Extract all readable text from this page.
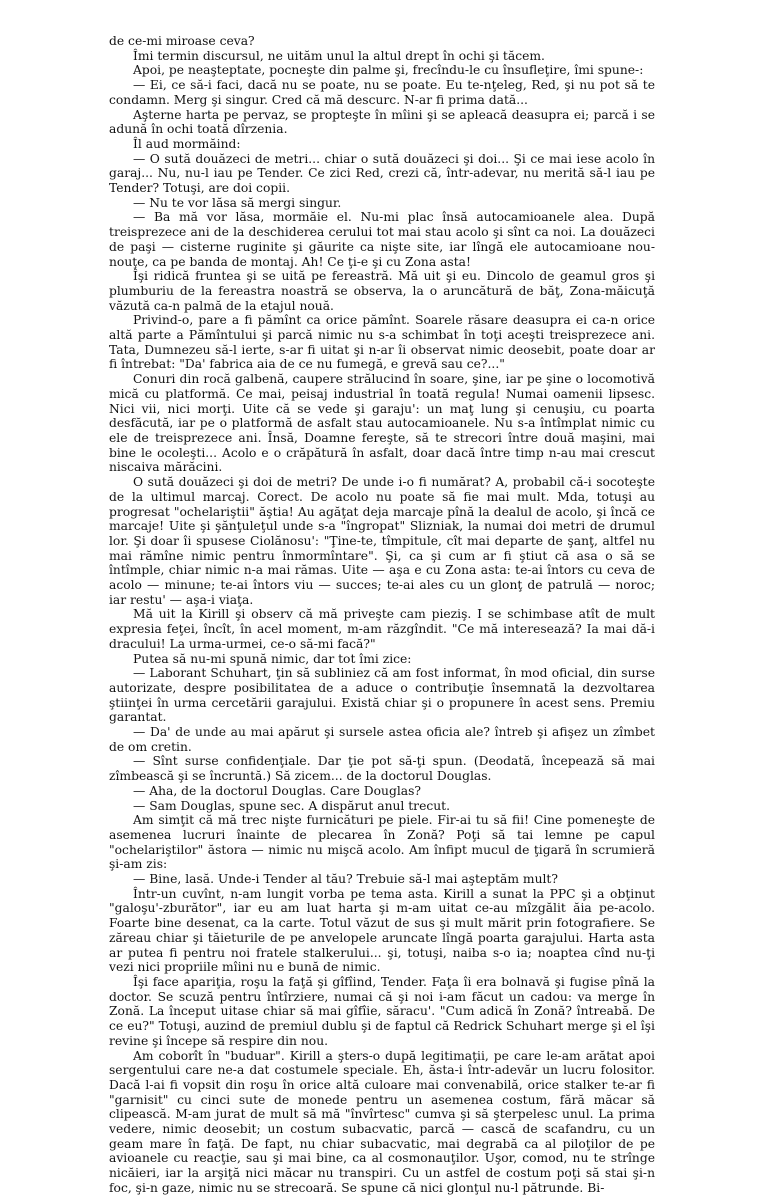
de ce-mi miroase ceva?

Îmi termin discursul, ne uităm unul la altul drept în ochi şi tăcem.

Apoi, pe neaşteptate, pocneşte din palme şi, frecîndu-le cu însufleţire, îmi spune-:

— Ei, ce să-i faci, dacă nu se poate, nu se poate. Eu te-nţeleg, Red, şi nu pot să te condamn. Merg şi singur. Cred că mă descurc. N-ar fi prima dată...

Aşterne harta pe pervaz, se propteşte în mîini şi se apleacă deasupra ei; parcă i se adună în ochi toată dîrzenia.

Îl aud mormăind:

— O sută douăzeci de metri... chiar o sută douăzeci şi doi... Şi ce mai iese acolo în garaj... Nu, nu-l iau pe Tender. Ce zici Red, crezi că, într-adevar, nu merită să-l iau pe Tender? Totuşi, are doi copii.

— Nu te vor lăsa să mergi singur.

— Ba mă vor lăsa, mormăie el. Nu-mi plac însă autocamioanele alea. După treisprezece ani de la deschiderea cerului tot mai stau acolo şi sînt ca noi. La douăzeci de paşi — cisterne ruginite şi găurite ca nişte site, iar lîngă ele autocamioane nou-nouţe, ca pe banda de montaj. Ah! Ce ţi-e şi cu Zona asta!

Îşi ridică fruntea şi se uită pe fereastră. Mă uit şi eu. Dincolo de geamul gros şi plumburiu de la fereastra noastră se observa, la o aruncătură de băţ, Zona-măicuţă văzută ca-n palmă de la etajul nouă.

Privind-o, pare a fi pămînt ca orice pămînt. Soarele răsare deasupra ei ca-n orice altă parte a Pămîntului şi parcă nimic nu s-a schimbat în toţi aceşti treisprezece ani. Tata, Dumnezeu să-l ierte, s-ar fi uitat şi n-ar îi observat nimic deosebit, poate doar ar fi întrebat: "Da' fabrica aia de ce nu fumegă, e grevă sau ce?..."

Conuri din rocă galbenă, caupere strălucind în soare, şine, iar pe şine o locomotivă mică cu platformă. Ce mai, peisaj industrial în toată regula! Numai oamenii lipsesc. Nici vii, nici morţi. Uite că se vede şi garaju': un maţ lung şi cenuşiu, cu poarta desfăcută, iar pe o platformă de asfalt stau autocamioanele. Nu s-a întîmplat nimic cu ele de treisprezece ani. Însă, Doamne fereşte, să te strecori între două maşini, mai bine le ocoleşti... Acolo e o crăpătură în asfalt, doar dacă între timp n-au mai crescut niscaiva mărăcini.

O sută douăzeci şi doi de metri? De unde i-o fi numărat? A, probabil că-i socoteşte de la ultimul marcaj. Corect. De acolo nu poate să fie mai mult. Mda, totuşi au progresat "ochelariştii" ăştia! Au agăţat deja marcaje pînă la dealul de acolo, şi încă ce marcaje! Uite şi şănţuleţul unde s-a "îngropat" Slizniak, la numai doi metri de drumul lor. Şi doar îi spusese Ciolănosu': "Ţine-te, tîmpitule, cît mai departe de şanţ, altfel nu mai rămîne nimic pentru înmormîntare". Şi, ca şi cum ar fi ştiut că asa o să se întîmple, chiar nimic n-a mai rămas. Uite — aşa e cu Zona asta: te-ai întors cu ceva de acolo — minune; te-ai întors viu — succes; te-ai ales cu un glonţ de patrulă — noroc; iar restu' — aşa-i viaţa.

Mă uit la Kirill şi observ că mă priveşte cam pieziş. I se schimbase atît de mult expresia feţei, încît, în acel moment, m-am răzgîndit. "Ce mă interesează? Ia mai dă-i dracului! La urma-urmei, ce-o să-mi facă?"

Putea să nu-mi spună nimic, dar tot îmi zice:

— Laborant Schuhart, ţin să subliniez că am fost informat, în mod oficial, din surse autorizate, despre posibilitatea de a aduce o contribuţie însemnată la dezvoltarea ştiinţei în urma cercetării garajului. Există chiar şi o propunere în acest sens. Premiu garantat.

— Da' de unde au mai apărut şi sursele astea oficia ale? întreb şi afişez un zîmbet de om cretin.

— Sînt surse confidenţiale. Dar ţie pot să-ţi spun. (Deodată, începează să mai zîmbească şi se încruntă.) Să zicem... de la doctorul Douglas.

— Aha, de la doctorul Douglas. Care Douglas?

— Sam Douglas, spune sec. A dispărut anul trecut.

Am simţit că mă trec nişte furnicături pe piele. Fir-ai tu să fii! Cine pomeneşte de asemenea lucruri înainte de plecarea în Zonă? Poţi să tai lemne pe capul "ochelariştilor" ăstora — nimic nu mişcă acolo. Am înfipt mucul de ţigară în scrumieră şi-am zis:

— Bine, lasă. Unde-i Tender al tău? Trebuie să-l mai aşteptăm mult?

Într-un cuvînt, n-am lungit vorba pe tema asta. Kirill a sunat la PPC şi a obţinut "galoşu'-zburător", iar eu am luat harta şi m-am uitat ce-au mîzgălit ăia pe-acolo. Foarte bine desenat, ca la carte. Totul văzut de sus şi mult mărit prin fotografiere. Se zăreau chiar şi tăieturile de pe anvelopele aruncate lîngă poarta garajului. Harta asta ar putea fi pentru noi fratele stalkerului... şi, totuşi, naiba s-o ia; noaptea cînd nu-ţi vezi nici propriile mîini nu e bună de nimic.

Îşi face apariţia, roşu la faţă şi gîfîind, Tender. Faţa îi era bolnavă şi fugise pînă la doctor. Se scuză pentru întîrziere, numai că şi noi i-am făcut un cadou: va merge în Zonă. La început uitase chiar să mai gîfîie, săracu'. "Cum adică în Zonă? întreabă. De ce eu?" Totuşi, auzind de premiul dublu şi de faptul că Redrick Schuhart merge şi el îşi revine şi începe să respire din nou.

Am coborît în "buduar". Kirill a şters-o după legitimaţii, pe care le-am arătat apoi sergentului care ne-a dat costumele speciale. Eh, ăsta-i într-adevăr un lucru folositor. Dacă l-ai fi vopsit din roşu în orice altă culoare mai convenabilă, orice stalker te-ar fi "garnisit" cu cinci sute de monede pentru un asemenea costum, fără măcar să clipească. M-am jurat de mult să mă "învîrtesc" cumva şi să şterpelesc unul. La prima vedere, nimic deosebit; un costum subacvatic, parcă — cască de scafandru, cu un geam mare în faţă. De fapt, nu chiar subacvatic, mai degrabă ca al piloţilor de pe avioanele cu reacţie, sau şi mai bine, ca al cosmonauţilor. Uşor, comod, nu te strînge nicăieri, iar la arşiţă nici măcar nu transpiri. Cu un astfel de costum poţi să stai şi-n foc, şi-n gaze, nimic nu se strecoară. Se spune că nici glonţul nu-l pătrunde. Bi-
